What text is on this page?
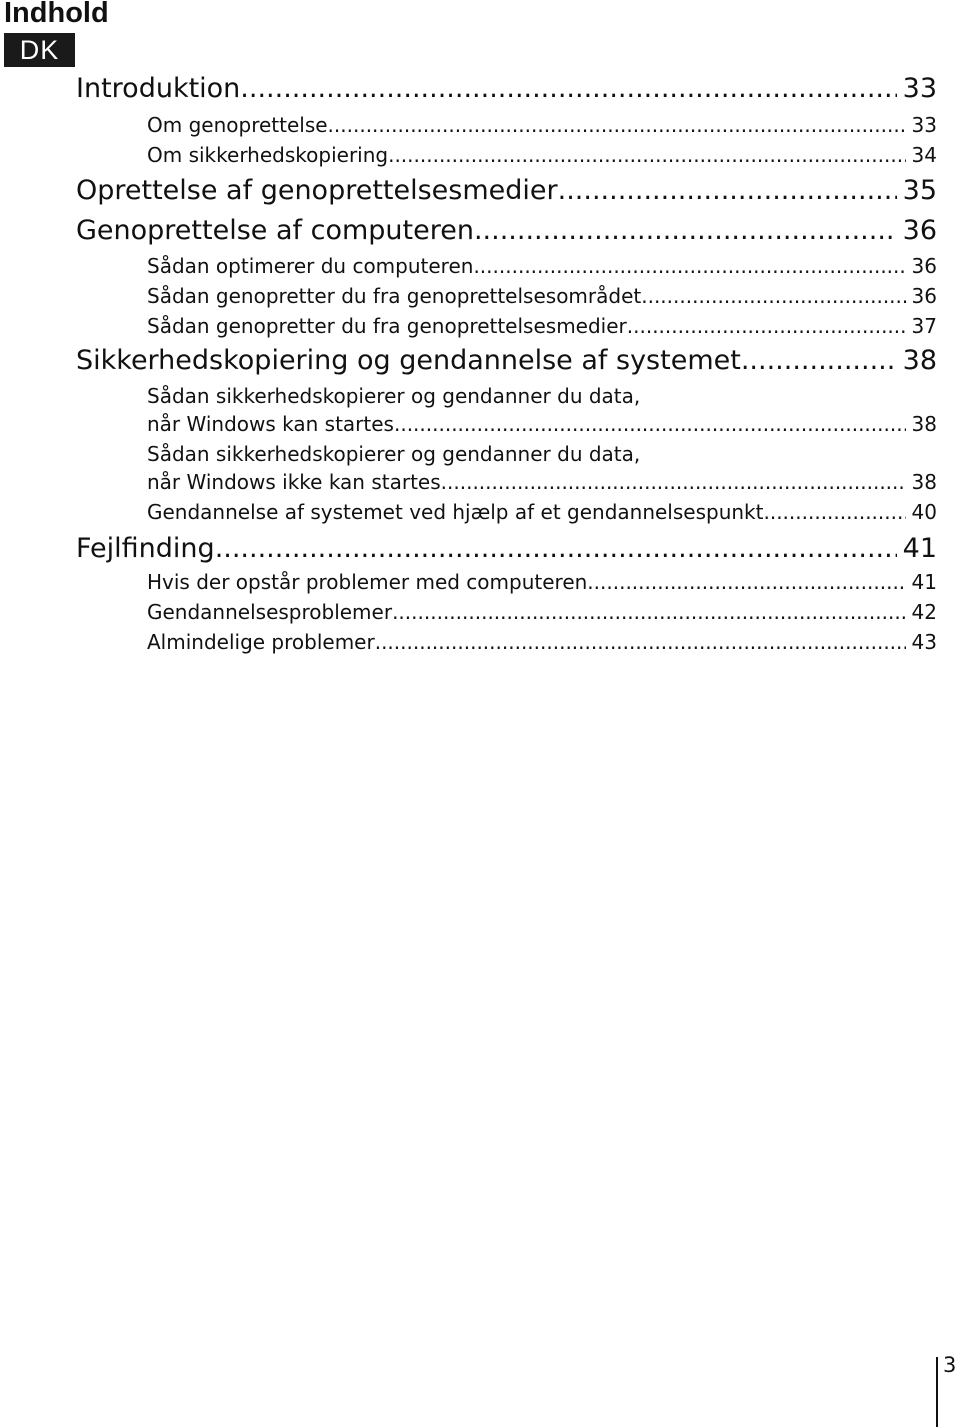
Indhold
DK
Introduktion .....	33
Om genoprettelse .....	33
Om sikkerhedskopiering .....	34
Oprettelse af genoprettelsesmedier .....	35
Genoprettelse af computeren .....	36
Sådan optimerer du computeren .....	36
Sådan genopretter du fra genoprettelsesområdet .....	36
Sådan genopretter du fra genoprettelsesmedier .....	37
Sikkerhedskopiering og gendannelse af systemet .....	38
Sådan sikkerhedskopierer og gendanner du data,
når Windows kan startes .....	38
Sådan sikkerhedskopierer og gendanner du data,
når Windows ikke kan startes .....	38
Gendannelse af systemet ved hjælp af et gendannelsespunkt .....	40
Fejlfinding .....	41
Hvis der opstår problemer med computeren .....	41
Gendannelsesproblemer .....	42
Almindelige problemer .....	43
3
